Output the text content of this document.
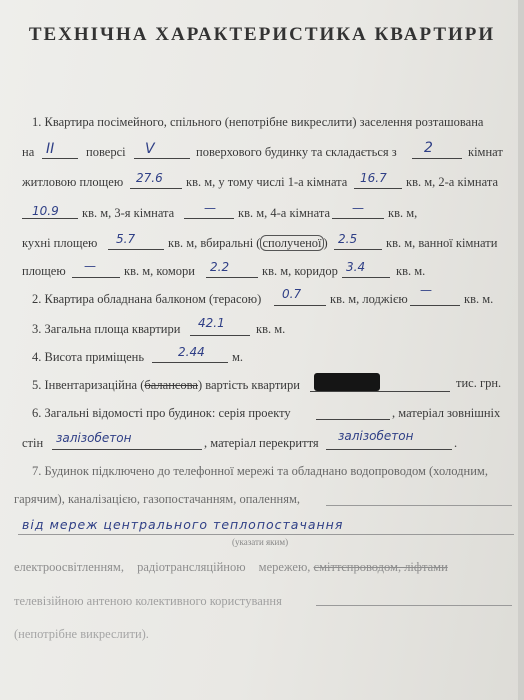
ТЕХНІЧНА ХАРАКТЕРИСТИКА КВАРТИРИ
1. Квартира посімейного, спільного (непотрібне викреслити) заселення розташована
на II	поверсі V	поверхового будинку та складається з 2	кімнат
житловою площею 27.6 кв. м, у тому числі 1-а кімната 16.7 кв. м, 2-а кімната
10.9 кв. м, 3-я кімната — кв. м, 4-а кімната — кв. м,
кухні площею 5.7	кв. м, вбиральні ( сполученої ) 2.5 кв. м, ванної кімнати
площею — кв. м, комори 2.2	кв. м, коридор 3.4 кв. м.
2. Квартира обладнана балконом (терасою) 0.7 кв. м, лоджією
—
кв. м.
3. Загальна площа квартири 42.1	кв. м.
4. Висота приміщень	2.44 м.
5. Інвентаризаційна (балансова) вартість квартири	тис. грн.
6. Загальні відомості про будинок: серія проекту	, матеріал зовнішніх
стін залізобетон	, матеріал перекриття залізобетон	.
7. Будинок підключено до телефонної мережі та обладнано водопроводом (холодним,
гарячим), каналізацією, газопостачанням, опаленням,
від мереж центрального теплопостачання
(указати яким)
електроосвітленням, радіотрансляційною мережею, сміттєпроводом, ліфтами
телевізійною антеною колективного користування
(непотрібне викреслити).
